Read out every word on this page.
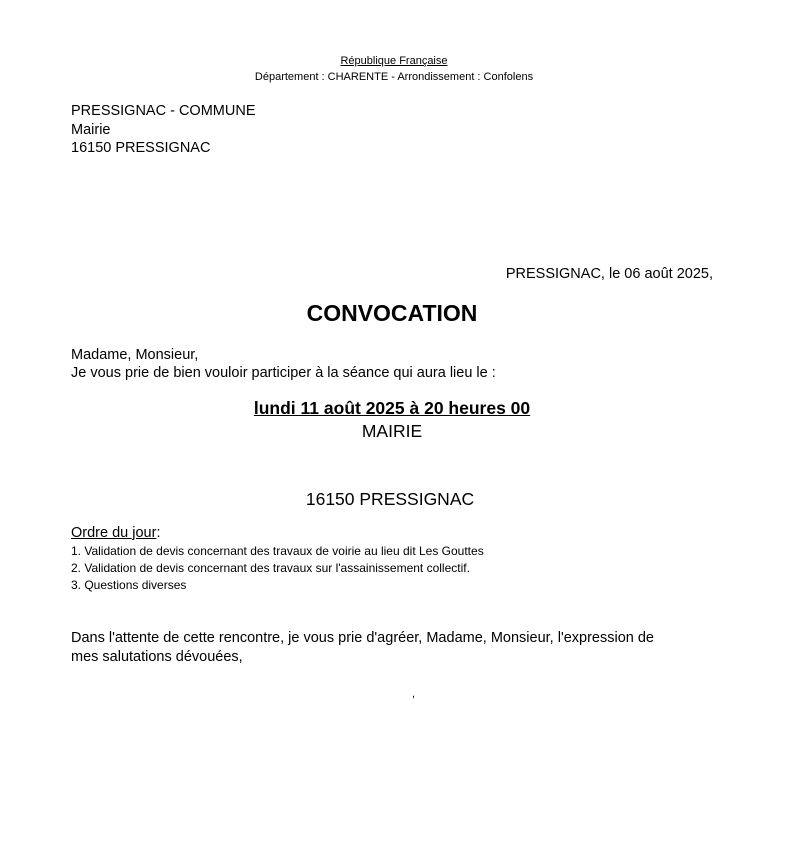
République Française
Département : CHARENTE - Arrondissement : Confolens
PRESSIGNAC - COMMUNE
Mairie
16150 PRESSIGNAC
PRESSIGNAC, le 06 août 2025,
CONVOCATION
Madame, Monsieur,
Je vous prie de bien vouloir participer à la séance qui aura lieu le :
lundi 11 août 2025 à 20 heures 00
MAIRIE
16150 PRESSIGNAC
Ordre du jour:
1. Validation de devis concernant des travaux de voirie au lieu dit Les Gouttes
2. Validation de devis concernant des travaux sur l'assainissement collectif.
3. Questions diverses
Dans l'attente de cette rencontre, je vous prie d'agréer, Madame, Monsieur, l'expression de
mes salutations dévouées,
,
